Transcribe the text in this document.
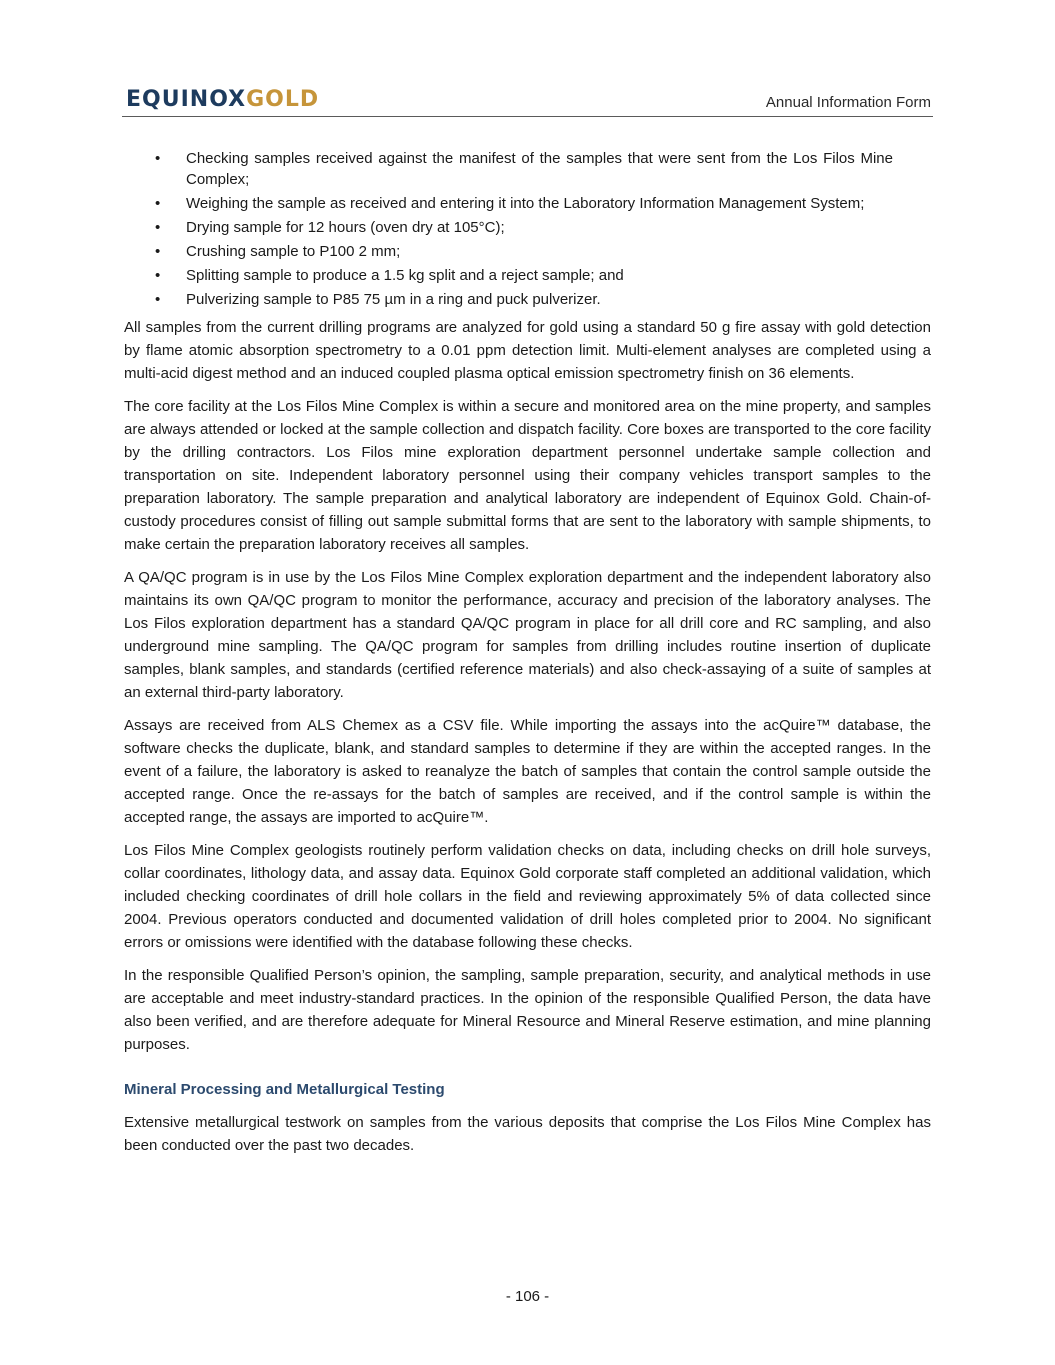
EQUINOXGOLD	Annual Information Form
• Checking samples received against the manifest of the samples that were sent from the Los Filos Mine Complex;
• Weighing the sample as received and entering it into the Laboratory Information Management System;
• Drying sample for 12 hours (oven dry at 105°C);
• Crushing sample to P100 2 mm;
• Splitting sample to produce a 1.5 kg split and a reject sample; and
• Pulverizing sample to P85 75 µm in a ring and puck pulverizer.

All samples from the current drilling programs are analyzed for gold using a standard 50 g fire assay with gold detection by flame atomic absorption spectrometry to a 0.01 ppm detection limit. Multi-element analyses are completed using a multi-acid digest method and an induced coupled plasma optical emission spectrometry finish on 36 elements.

The core facility at the Los Filos Mine Complex is within a secure and monitored area on the mine property, and samples are always attended or locked at the sample collection and dispatch facility. Core boxes are transported to the core facility by the drilling contractors. Los Filos mine exploration department personnel undertake sample collection and transportation on site. Independent laboratory personnel using their company vehicles transport samples to the preparation laboratory. The sample preparation and analytical laboratory are independent of Equinox Gold. Chain-of-custody procedures consist of filling out sample submittal forms that are sent to the laboratory with sample shipments, to make certain the preparation laboratory receives all samples.

A QA/QC program is in use by the Los Filos Mine Complex exploration department and the independent laboratory also maintains its own QA/QC program to monitor the performance, accuracy and precision of the laboratory analyses. The Los Filos exploration department has a standard QA/QC program in place for all drill core and RC sampling, and also underground mine sampling. The QA/QC program for samples from drilling includes routine insertion of duplicate samples, blank samples, and standards (certified reference materials) and also check-assaying of a suite of samples at an external third-party laboratory.

Assays are received from ALS Chemex as a CSV file. While importing the assays into the acQuire™ database, the software checks the duplicate, blank, and standard samples to determine if they are within the accepted ranges. In the event of a failure, the laboratory is asked to reanalyze the batch of samples that contain the control sample outside the accepted range. Once the re-assays for the batch of samples are received, and if the control sample is within the accepted range, the assays are imported to acQuire™.

Los Filos Mine Complex geologists routinely perform validation checks on data, including checks on drill hole surveys, collar coordinates, lithology data, and assay data. Equinox Gold corporate staff completed an additional validation, which included checking coordinates of drill hole collars in the field and reviewing approximately 5% of data collected since 2004. Previous operators conducted and documented validation of drill holes completed prior to 2004. No significant errors or omissions were identified with the database following these checks.

In the responsible Qualified Person’s opinion, the sampling, sample preparation, security, and analytical methods in use are acceptable and meet industry-standard practices. In the opinion of the responsible Qualified Person, the data have also been verified, and are therefore adequate for Mineral Resource and Mineral Reserve estimation, and mine planning purposes.

Mineral Processing and Metallurgical Testing

Extensive metallurgical testwork on samples from the various deposits that comprise the Los Filos Mine Complex has been conducted over the past two decades.

- 106 -
